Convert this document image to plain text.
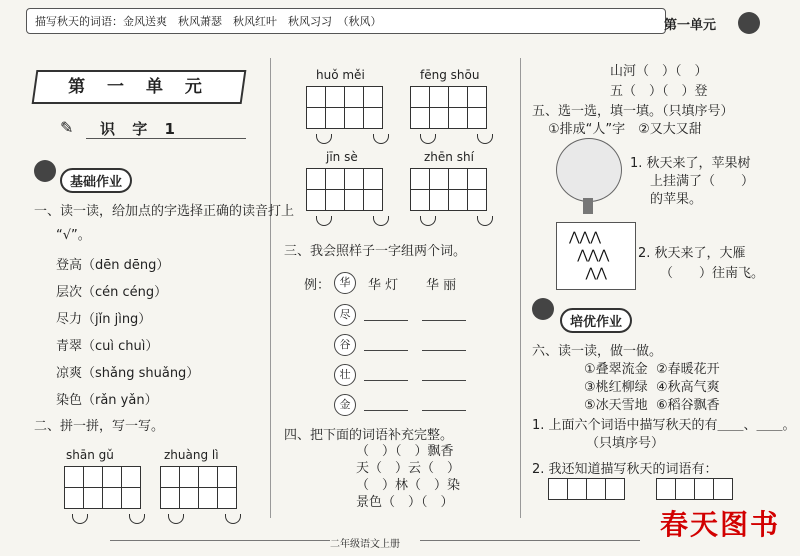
描写秋天的词语：金风送爽　秋风萧瑟　秋风红叶　秋风习习　（秋风）	第一单元
第 一 单 元
✎ 识 字 1
基础作业
一、读一读，给加点的字选择正确的读音打上
“√”。
登高（dēn dēng）
层次（cén céng）
尽力（jǐn jìng）
青翠（cuì chuì）
凉爽（shǎng shuǎng）
染色（rǎn yǎn）
二、拼一拼，写一写。
shān gǔ	zhuàng lì

huǒ měi	fēng shōu

jīn sè	zhēn shí

三、我会照样子一字组两个词。
例： 华	华 灯 华 丽
尽
谷
壮
金
四、把下面的词语补充完整。
（　）（　）飘香
天（　）云（　）
（　）林（　）染
景色（　）（　）
山河（　）（　）
五（　）（　）登
五、选一选，填一填。（只填序号）
①排成“人”字　②又大又甜
1. 秋天来了，苹果树
上挂满了（　　）
的苹果。
⋀⋀⋀
⋀⋀⋀
⋀⋀
2. 秋天来了，大雁
（　　）往南飞。
培优作业
六、读一读，做一做。
①叠翠流金 ②春暖花开
③桃红柳绿 ④秋高气爽
⑤冰天雪地 ⑥稻谷飘香
1. 上面六个词语中描写秋天的有＿＿、＿＿。
（只填序号）
2. 我还知道描写秋天的词语有：
春天图书
二年级语文上册
